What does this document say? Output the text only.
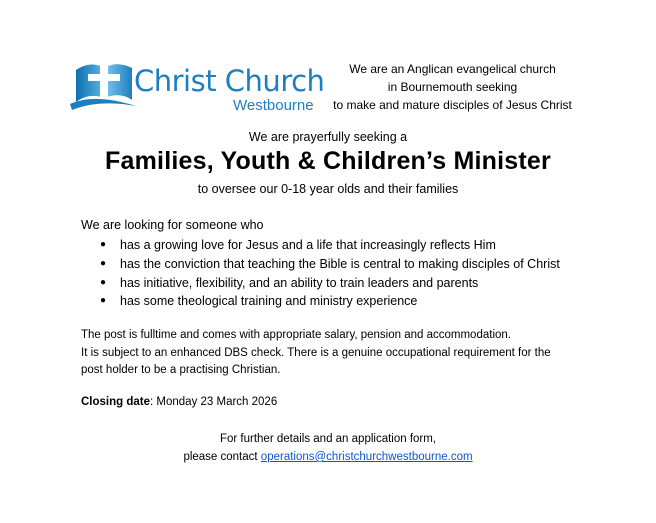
Christ Church
Westbourne
We are an Anglican evangelical church
in Bournemouth seeking
to make and mature disciples of Jesus Christ
We are prayerfully seeking a
Families, Youth & Children’s Minister
to oversee our 0-18 year olds and their families
We are looking for someone who
● has a growing love for Jesus and a life that increasingly reflects Him
● has the conviction that teaching the Bible is central to making disciples of Christ
● has initiative, flexibility, and an ability to train leaders and parents
● has some theological training and ministry experience
The post is fulltime and comes with appropriate salary, pension and accommodation.
It is subject to an enhanced DBS check. There is a genuine occupational requirement for the
post holder to be a practising Christian.
Closing date: Monday 23 March 2026
For further details and an application form,
please contact operations@christchurchwestbourne.com
